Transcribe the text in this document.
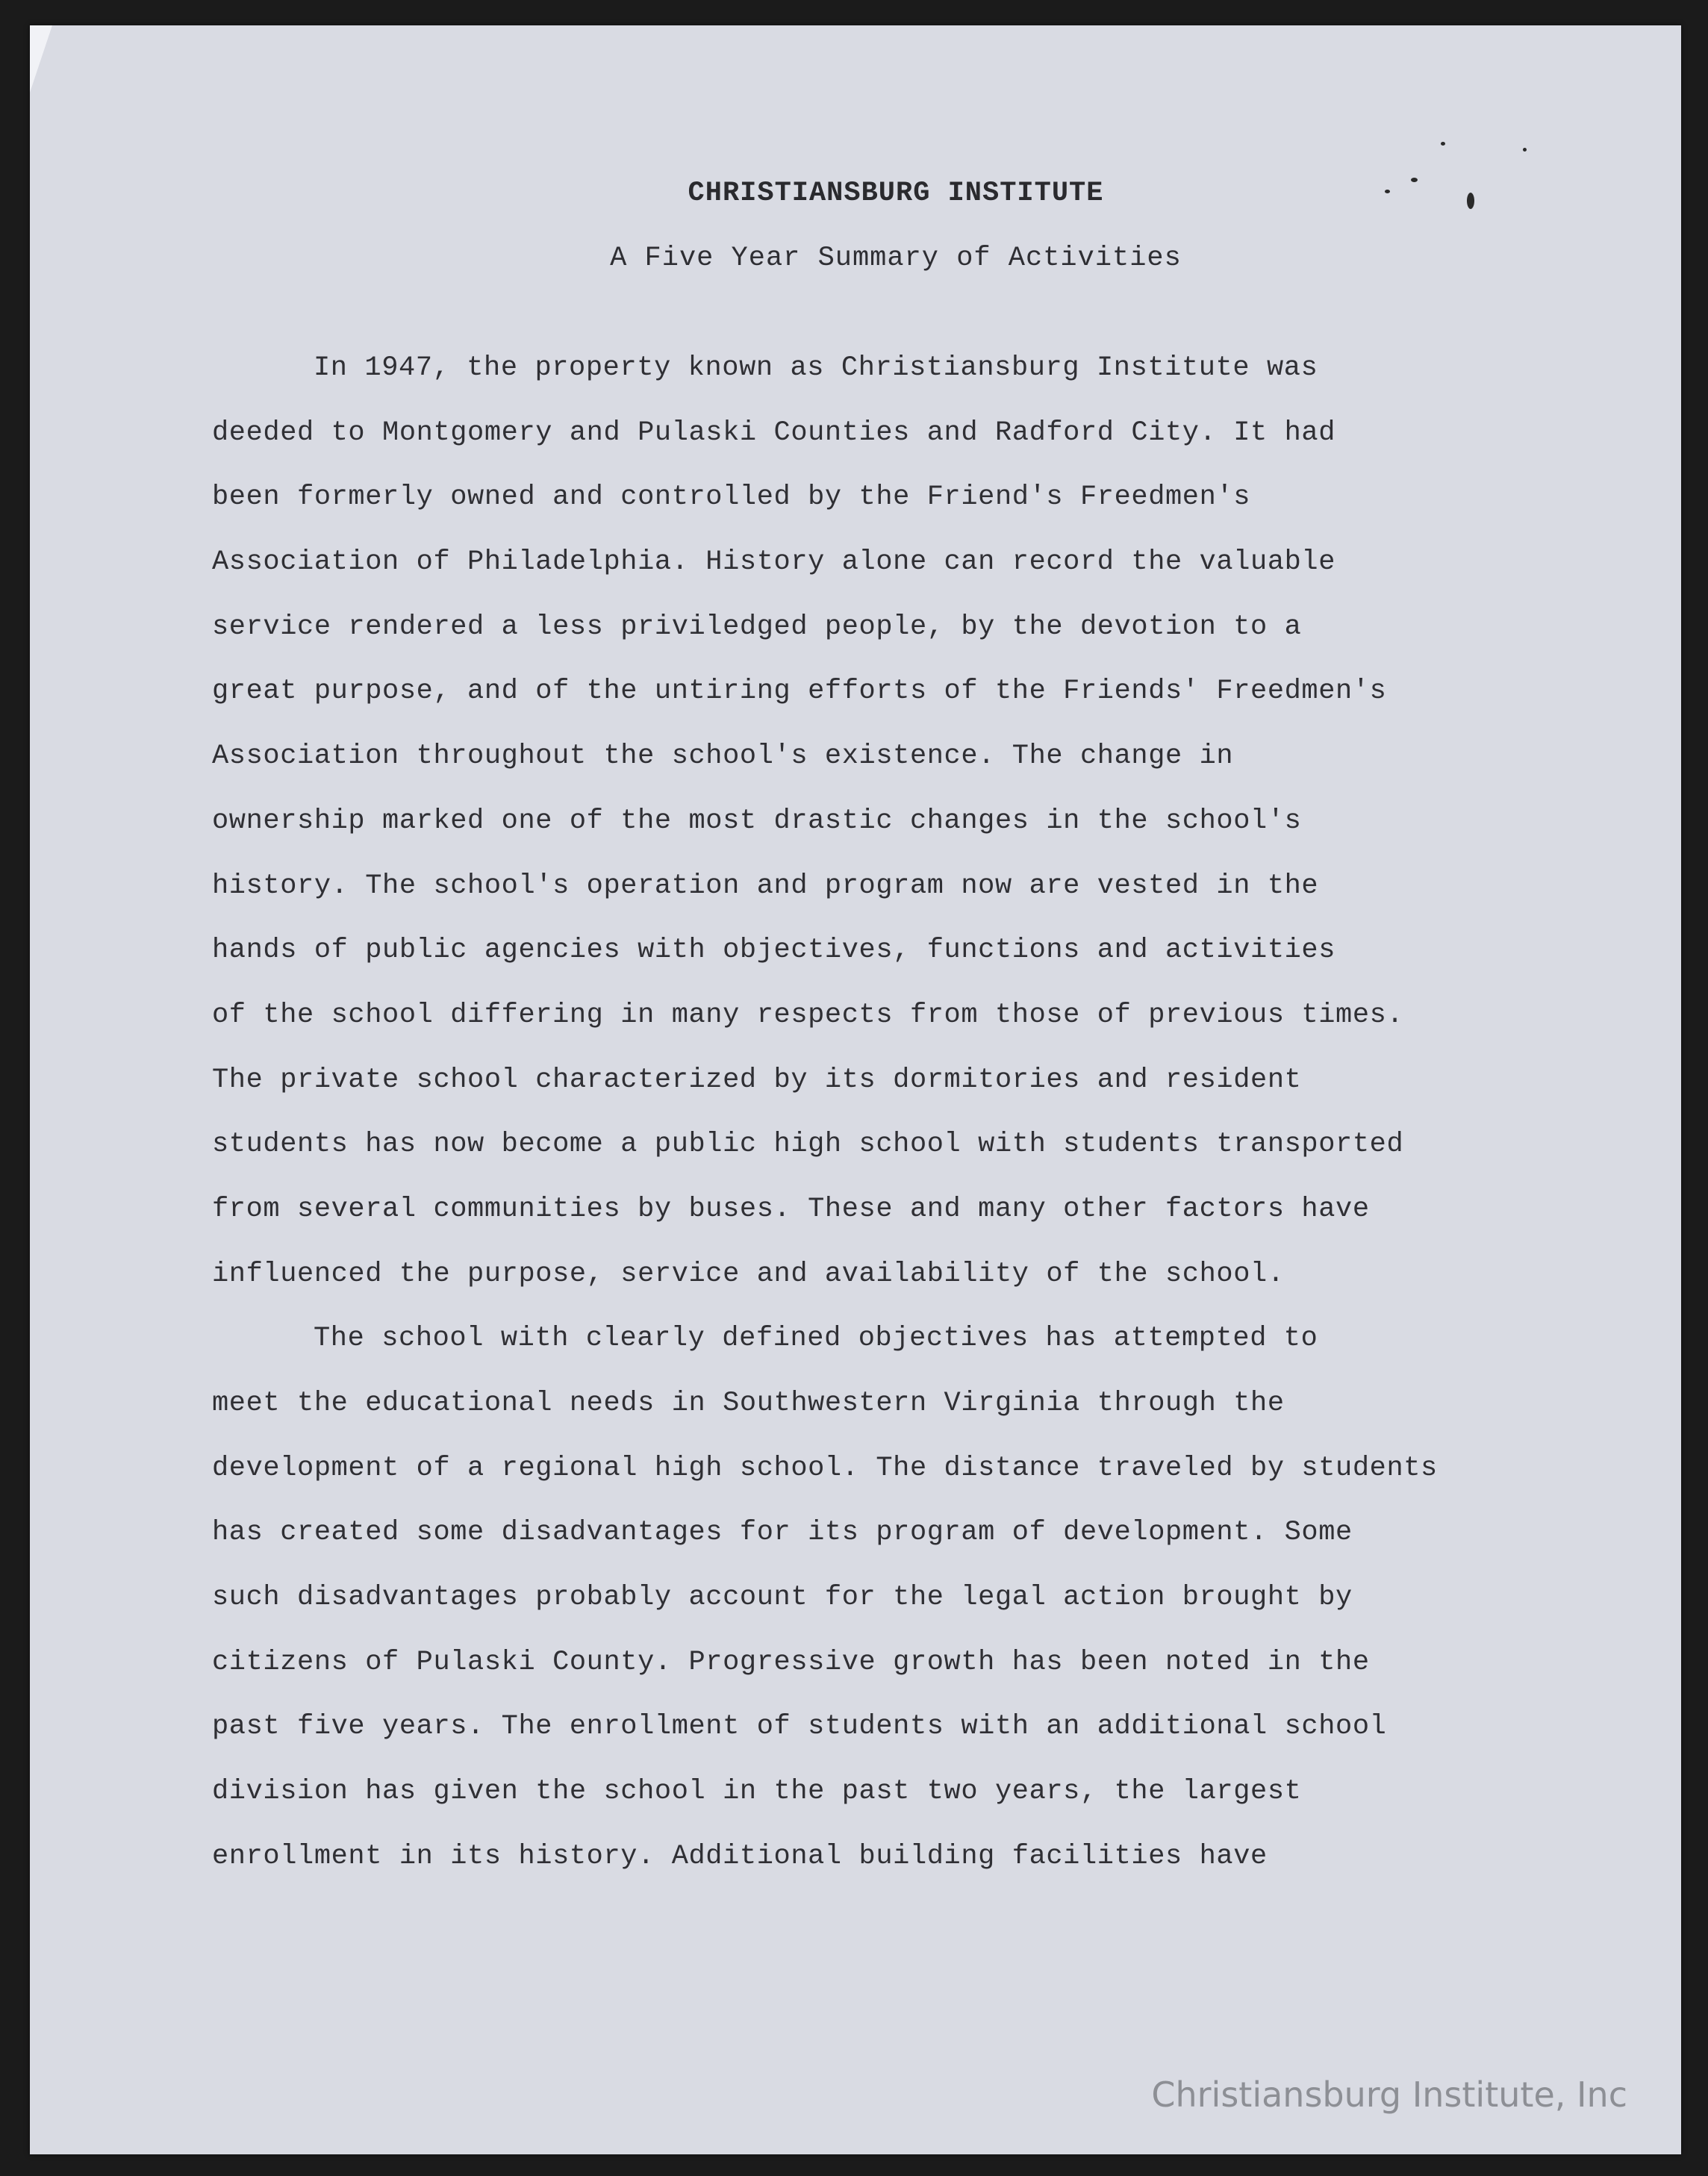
CHRISTIANSBURG INSTITUTE
A Five Year Summary of Activities
In 1947, the property known as Christiansburg Institute was
deeded to Montgomery and Pulaski Counties and Radford City. It had
been formerly owned and controlled by the Friend's Freedmen's
Association of Philadelphia. History alone can record the valuable
service rendered a less priviledged people, by the devotion to a
great purpose, and of the untiring efforts of the Friends' Freedmen's
Association throughout the school's existence. The change in
ownership marked one of the most drastic changes in the school's
history. The school's operation and program now are vested in the
hands of public agencies with objectives, functions and activities
of the school differing in many respects from those of previous times.
The private school characterized by its dormitories and resident
students has now become a public high school with students transported
from several communities by buses. These and many other factors have
influenced the purpose, service and availability of the school.
The school with clearly defined objectives has attempted to
meet the educational needs in Southwestern Virginia through the
development of a regional high school. The distance traveled by students
has created some disadvantages for its program of development. Some
such disadvantages probably account for the legal action brought by
citizens of Pulaski County. Progressive growth has been noted in the
past five years. The enrollment of students with an additional school
division has given the school in the past two years, the largest
enrollment in its history. Additional building facilities have
Christiansburg Institute, Inc
